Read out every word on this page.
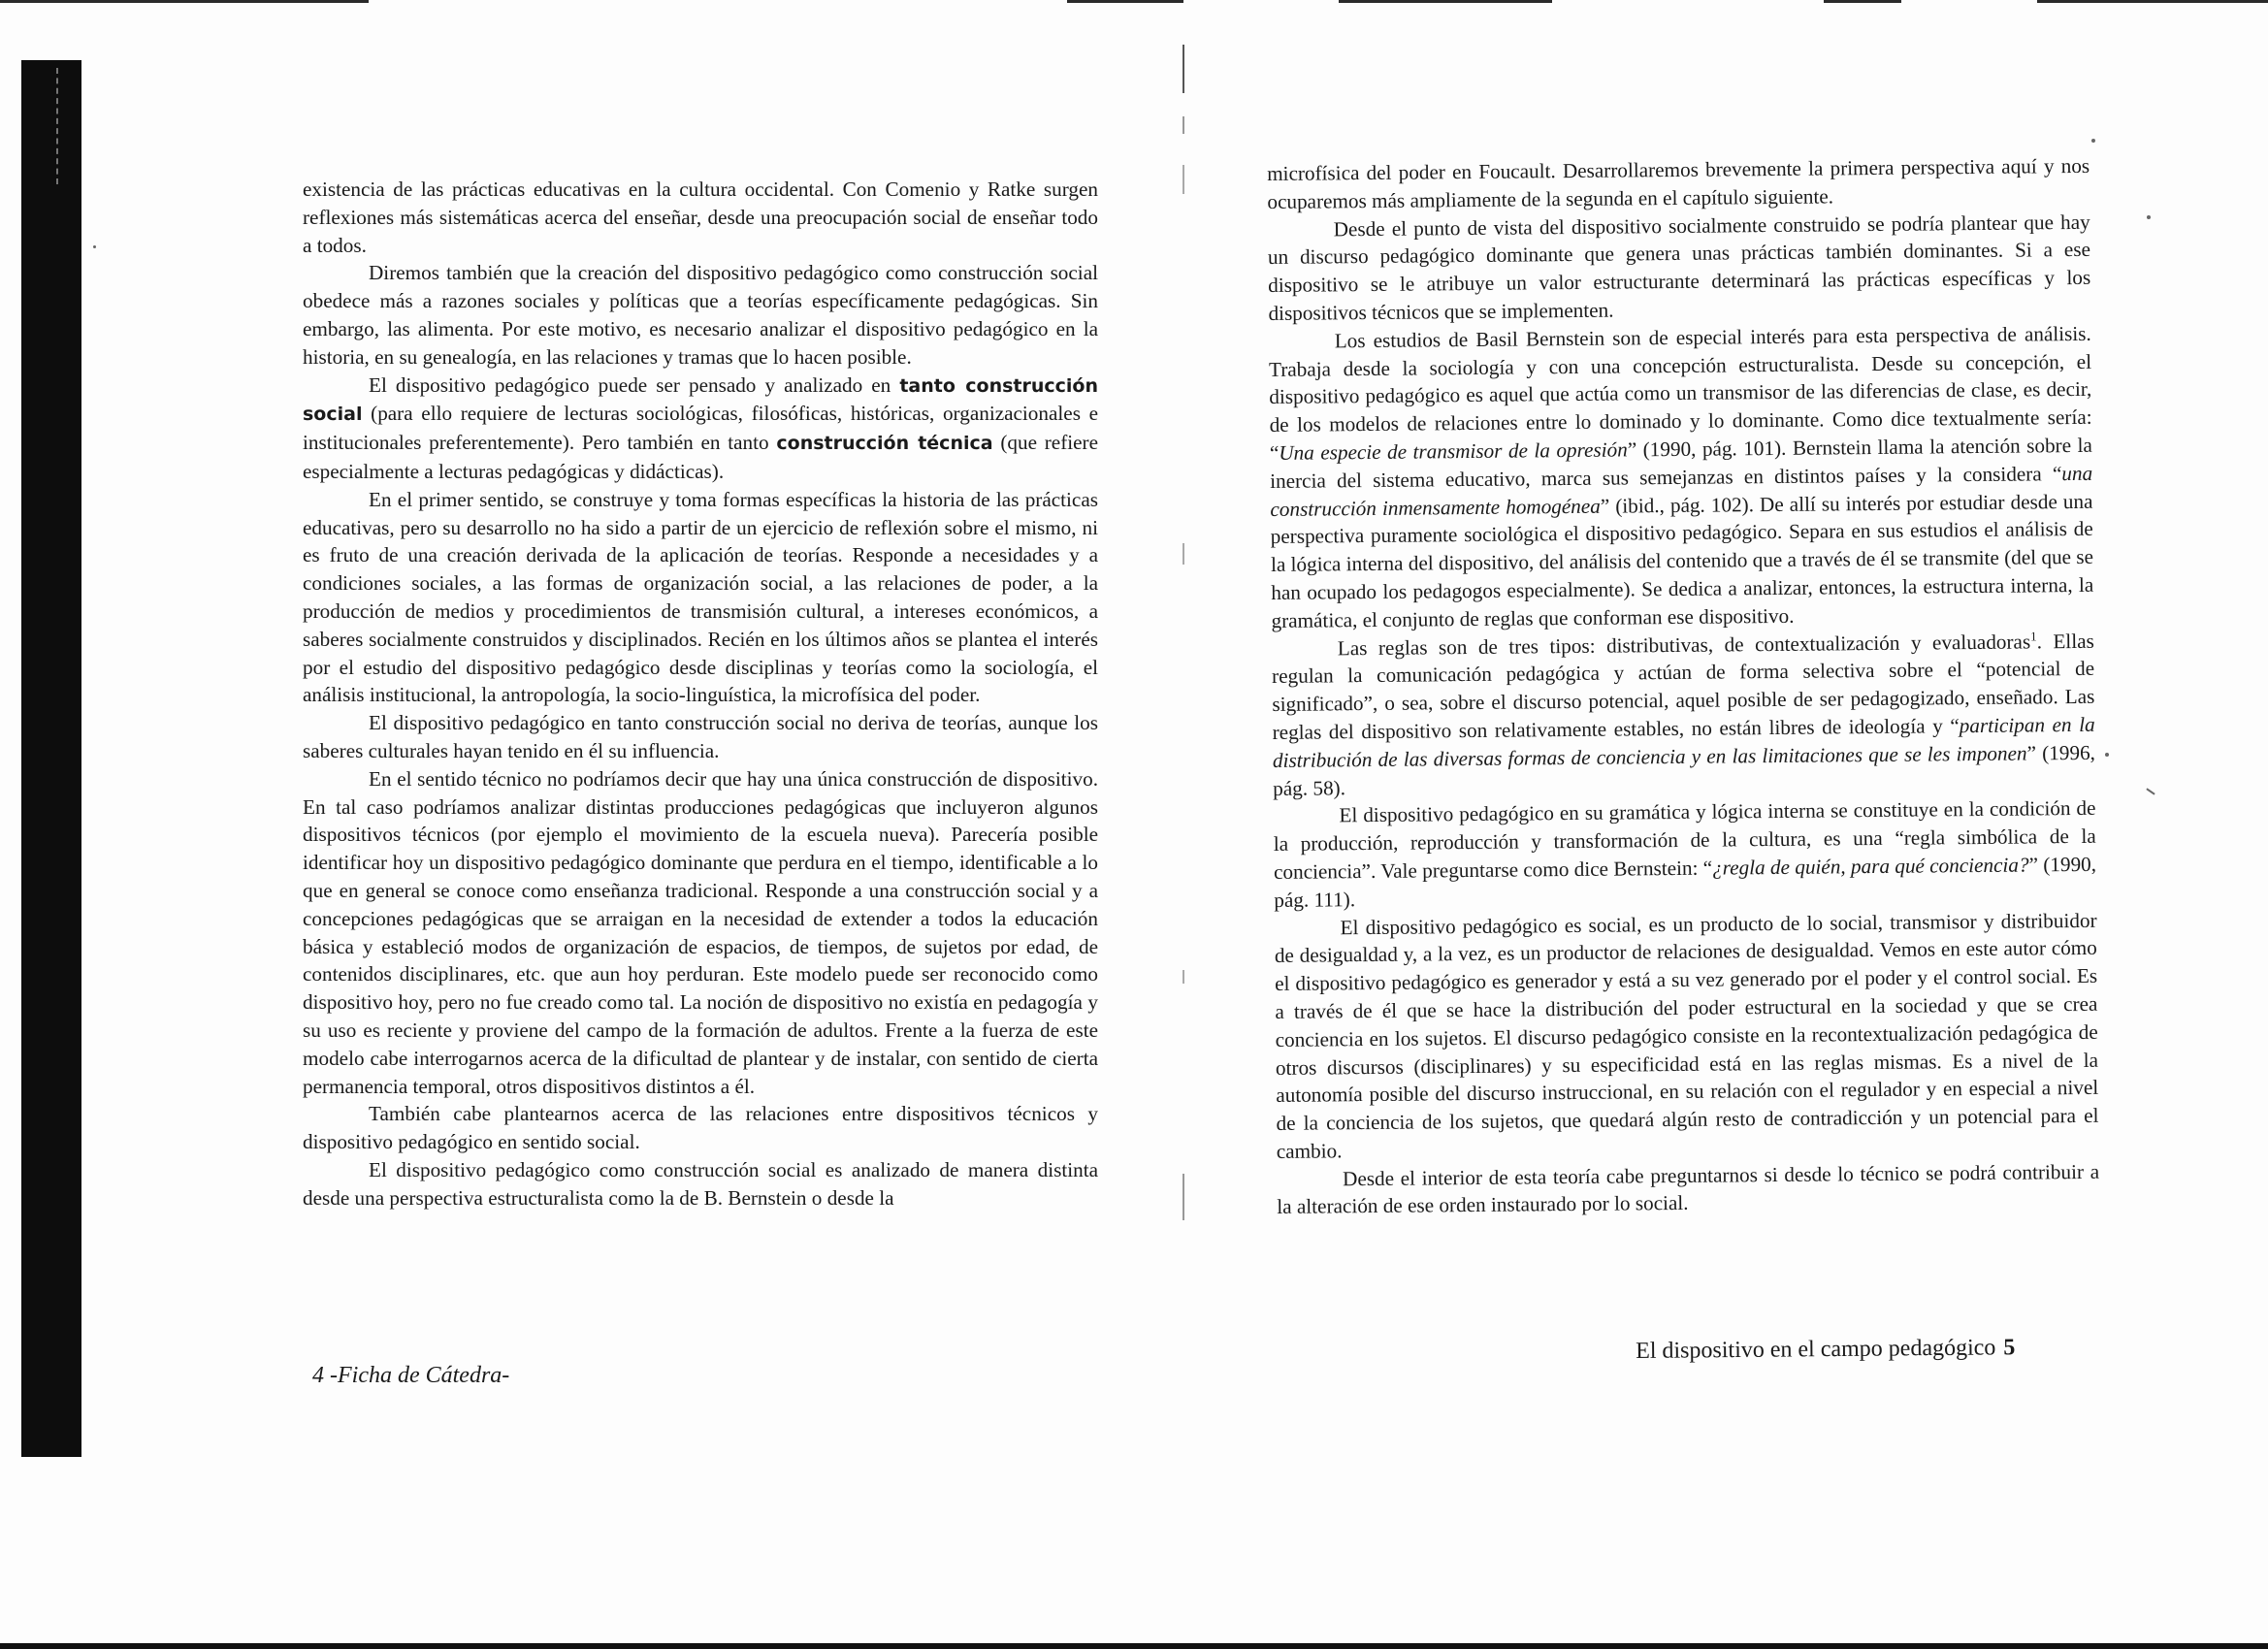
existencia de las prácticas educativas en la cultura occidental. Con Comenio y Ratke surgen reflexiones más sistemáticas acerca del enseñar, desde una preocupación social de enseñar todo a todos.

Diremos también que la creación del dispositivo pedagógico como construcción social obedece más a razones sociales y políticas que a teorías específicamente pedagógicas. Sin embargo, las alimenta. Por este motivo, es necesario analizar el dispositivo pedagógico en la historia, en su genealogía, en las relaciones y tramas que lo hacen posible.

El dispositivo pedagógico puede ser pensado y analizado en tanto construcción social (para ello requiere de lecturas sociológicas, filosóficas, históricas, organizacionales e institucionales preferentemente). Pero también en tanto construcción técnica (que refiere especialmente a lecturas pedagógicas y didácticas).

En el primer sentido, se construye y toma formas específicas la historia de las prácticas educativas, pero su desarrollo no ha sido a partir de un ejercicio de reflexión sobre el mismo, ni es fruto de una creación derivada de la aplicación de teorías. Responde a necesidades y a condiciones sociales, a las formas de organización social, a las relaciones de poder, a la producción de medios y procedimientos de transmisión cultural, a intereses económicos, a saberes socialmente construidos y disciplinados. Recién en los últimos años se plantea el interés por el estudio del dispositivo pedagógico desde disciplinas y teorías como la sociología, el análisis institucional, la antropología, la socio-linguística, la microfísica del poder.

El dispositivo pedagógico en tanto construcción social no deriva de teorías, aunque los saberes culturales hayan tenido en él su influencia.

En el sentido técnico no podríamos decir que hay una única construcción de dispositivo. En tal caso podríamos analizar distintas producciones pedagógicas que incluyeron algunos dispositivos técnicos (por ejemplo el movimiento de la escuela nueva). Parecería posible identificar hoy un dispositivo pedagógico dominante que perdura en el tiempo, identificable a lo que en general se conoce como enseñanza tradicional. Responde a una construcción social y a concepciones pedagógicas que se arraigan en la necesidad de extender a todos la educación básica y estableció modos de organización de espacios, de tiempos, de sujetos por edad, de contenidos disciplinares, etc. que aun hoy perduran. Este modelo puede ser reconocido como dispositivo hoy, pero no fue creado como tal. La noción de dispositivo no existía en pedagogía y su uso es reciente y proviene del campo de la formación de adultos. Frente a la fuerza de este modelo cabe interrogarnos acerca de la dificultad de plantear y de instalar, con sentido de cierta permanencia temporal, otros dispositivos distintos a él.

También cabe plantearnos acerca de las relaciones entre dispositivos técnicos y dispositivo pedagógico en sentido social.

El dispositivo pedagógico como construcción social es analizado de manera distinta desde una perspectiva estructuralista como la de B. Bernstein o desde la

4 -Ficha de Cátedra-

microfísica del poder en Foucault. Desarrollaremos brevemente la primera perspectiva aquí y nos ocuparemos más ampliamente de la segunda en el capítulo siguiente.

Desde el punto de vista del dispositivo socialmente construido se podría plantear que hay un discurso pedagógico dominante que genera unas prácticas también dominantes. Si a ese dispositivo se le atribuye un valor estructurante determinará las prácticas específicas y los dispositivos técnicos que se implementen.

Los estudios de Basil Bernstein son de especial interés para esta perspectiva de análisis. Trabaja desde la sociología y con una concepción estructuralista. Desde su concepción, el dispositivo pedagógico es aquel que actúa como un transmisor de las diferencias de clase, es decir, de los modelos de relaciones entre lo dominado y lo dominante. Como dice textualmente sería: “Una especie de transmisor de la opresión” (1990, pág. 101). Bernstein llama la atención sobre la inercia del sistema educativo, marca sus semejanzas en distintos países y la considera “una construcción inmensamente homogénea” (ibid., pág. 102). De allí su interés por estudiar desde una perspectiva puramente sociológica el dispositivo pedagógico. Separa en sus estudios el análisis de la lógica interna del dispositivo, del análisis del contenido que a través de él se transmite (del que se han ocupado los pedagogos especialmente). Se dedica a analizar, entonces, la estructura interna, la gramática, el conjunto de reglas que conforman ese dispositivo.

Las reglas son de tres tipos: distributivas, de contextualización y evaluadoras$^1$. Ellas regulan la comunicación pedagógica y actúan de forma selectiva sobre el “potencial de significado”, o sea, sobre el discurso potencial, aquel posible de ser pedagogizado, enseñado. Las reglas del dispositivo son relativamente estables, no están libres de ideología y “participan en la distribución de las diversas formas de conciencia y en las limitaciones que se les imponen” (1996, pág. 58).

El dispositivo pedagógico en su gramática y lógica interna se constituye en la condición de la producción, reproducción y transformación de la cultura, es una “regla simbólica de la conciencia”. Vale preguntarse como dice Bernstein: “¿regla de quién, para qué conciencia?” (1990, pág. 111).

El dispositivo pedagógico es social, es un producto de lo social, transmisor y distribuidor de desigualdad y, a la vez, es un productor de relaciones de desigualdad. Vemos en este autor cómo el dispositivo pedagógico es generador y está a su vez generado por el poder y el control social. Es a través de él que se hace la distribución del poder estructural en la sociedad y que se crea conciencia en los sujetos. El discurso pedagógico consiste en la recontextualización pedagógica de otros discursos (disciplinares) y su especificidad está en las reglas mismas. Es a nivel de la autonomía posible del discurso instruccional, en su relación con el regulador y en especial a nivel de la conciencia de los sujetos, que quedará algún resto de contradicción y un potencial para el cambio.

Desde el interior de esta teoría cabe preguntarnos si desde lo técnico se podrá contribuir a la alteración de ese orden instaurado por lo social.

El dispositivo en el campo pedagógico 5
